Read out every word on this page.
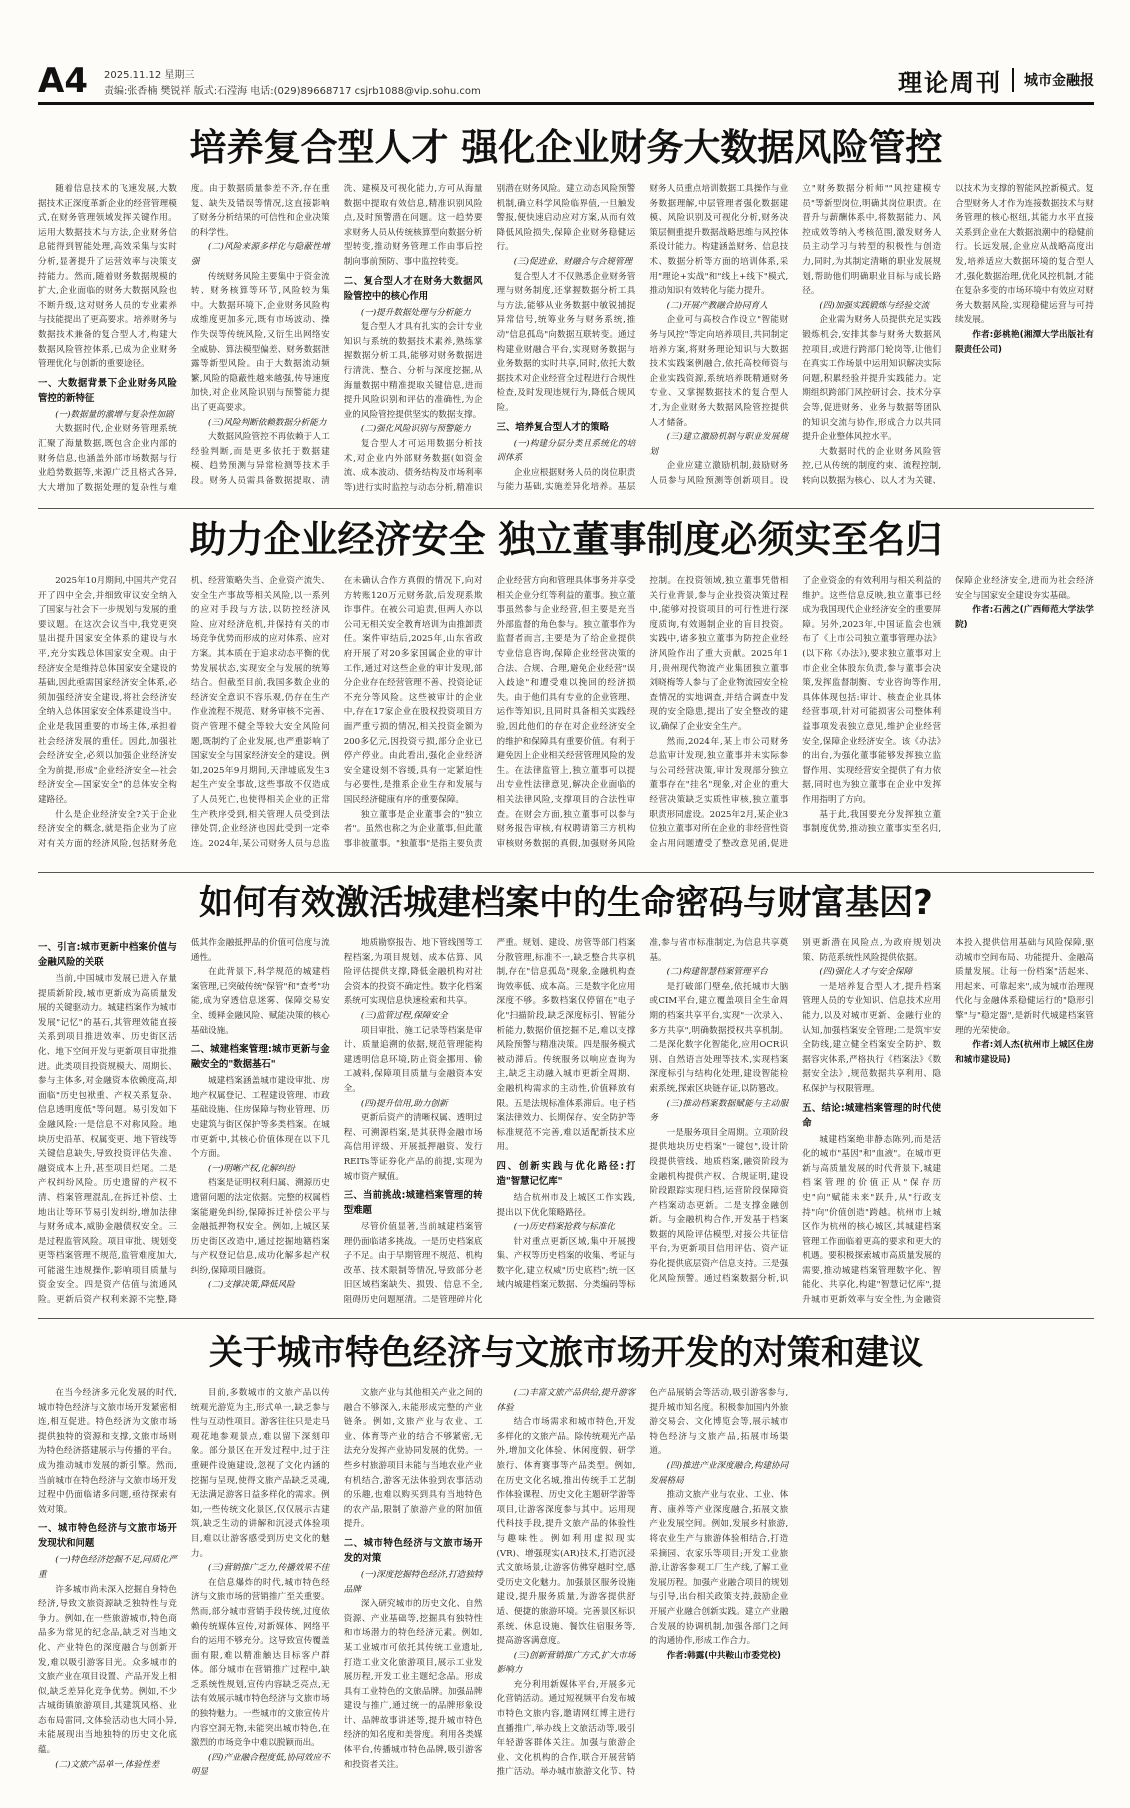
A4 2025.11.12 星期三
责编:张香楠 樊锐祥 版式:石滢海 电话:(029)89668717 csjrb1088@vip.sohu.com	理论周刊 城市金融报
培养复合型人才 强化企业财务大数据风险管控

随着信息技术的飞速发展,大数据技术正深度革新企业的经营管理模式,在财务管理领域发挥关键作用。运用大数据技术与方法,企业财务信息能得到智能处理,高效采集与实时分析,显著提升了运营效率与决策支持能力。然而,随着财务数据规模的扩大,企业面临的财务大数据风险也不断升级,这对财务人员的专业素养与技能提出了更高要求。培养财务与数据技术兼备的复合型人才,构建大数据风险管控体系,已成为企业财务管理优化与创新的重要途径。

一、大数据背景下企业财务风险管控的新特征
(一)数据量的激增与复杂性加剧

大数据时代,企业财务管理系统汇聚了海量数据,既包含企业内部的财务信息,也涵盖外部市场数据与行业趋势数据等,来源广泛且格式各异,大大增加了数据处理的复杂性与难度。由于数据质量参差不齐,存在重复、缺失及错误等情况,这直接影响了财务分析结果的可信性和企业决策的科学性。

(二)风险来源多样化与隐蔽性增强

传统财务风险主要集中于资金流转、财务核算等环节,风险较为集中。大数据环境下,企业财务风险构成维度更加多元,既有市场波动、操作失误等传统风险,又衍生出网络安全威胁、算法模型偏差、财务数据泄露等新型风险。由于大数据流动频繁,风险的隐蔽性越来越强,传导速度加快,对企业风险识别与预警能力提出了更高要求。

(三)风险判断依赖数据分析能力

大数据风险管控不再依赖于人工经验判断,而是更多依托于数据建模、趋势预测与异常检测等技术手段。财务人员需具备数据提取、清洗、建模及可视化能力,方可从海量数据中提取有效信息,精准识别风险点,及时预警潜在问题。这一趋势要求财务人员从传统核算型向数据分析型转变,推动财务管理工作由事后控制向事前预防、事中监控转变。

二、复合型人才在财务大数据风险管控中的核心作用
(一)提升数据处理与分析能力

复合型人才具有扎实的会计专业知识与系统的数据技术素养,熟练掌握数据分析工具,能够对财务数据进行清洗、整合、分析与深度挖掘,从海量数据中精准提取关键信息,进而提升风险识别和评估的准确性,为企业的风险管控提供坚实的数据支撑。

(二)强化风险识别与预警能力

复合型人才可运用数据分析技术,对企业内外部财务数据(如资金流、成本波动、债务结构及市场利率等)进行实时监控与动态分析,精准识别潜在财务风险。建立动态风险预警机制,确立科学风险临界值,一旦触发警报,便快速启动应对方案,从而有效降低风险损失,保障企业财务稳健运行。

(三)促进业、财融合与合规管理

复合型人才不仅熟悉企业财务管理与财务制度,还掌握数据分析工具与方法,能够从业务数据中敏锐捕捉异常信号,统筹业务与财务系统,推动"信息孤岛"向数据互联转变。通过构建业财融合平台,实现财务数据与业务数据的实时共享,同时,依托大数据技术对企业经营全过程进行合规性检查,及时发现违规行为,降低合规风险。

三、培养复合型人才的策略
(一)构建分层分类且系统化的培训体系

企业应根据财务人员的岗位职责与能力基础,实施差异化培养。基层财务人员重点培训数据工具操作与业务数据理解,中层管理者强化数据建模、风险识别及可视化分析,财务决策层侧重提升数据战略思维与风控体系设计能力。构建涵盖财务、信息技术、数据分析等方面的培训体系,采用"理论+实战"和"线上+线下"模式,推动知识有效转化与能力提升。

(二)开展产教融合协同育人

企业可与高校合作设立"智能财务与风控"等定向培养项目,共同制定培养方案,将财务理论知识与大数据技术实践案例融合,依托高校师资与企业实践资源,系统培养既精通财务专业、又掌握数据技术的复合型人才,为企业财务大数据风险管控提供人才储备。

(三)建立激励机制与职业发展规划

企业应建立激励机制,鼓励财务人员参与风险预测等创新项目。设立"财务数据分析师""风控建模专员"等新型岗位,明确其岗位职责。在晋升与薪酬体系中,将数据能力、风控成效等纳入考核范围,激发财务人员主动学习与转型的积极性与创造力,同时,为其制定清晰的职业发展规划,帮助他们明确职业目标与成长路径。

(四)加强实践锻炼与经验交流

企业需为财务人员提供充足实践锻炼机会,安排其参与财务大数据风控项目,或进行跨部门轮岗等,让他们在真实工作场景中运用知识解决实际问题,积累经验并提升实践能力。定期组织跨部门风控研讨会、技术分享会等,促进财务、业务与数据等团队的知识交流与协作,形成合力以共同提升企业整体风控水平。

大数据时代的企业财务风险管控,已从传统的制度约束、流程控制,转向以数据为核心、以人才为关键、以技术为支撑的智能风控新模式。复合型财务人才作为连接数据技术与财务管理的核心枢纽,其能力水平直接关系到企业在大数据浪潮中的稳健前行。长远发展,企业应从战略高度出发,培养适应大数据环境的复合型人才,强化数据治理,优化风控机制,才能在复杂多变的市场环境中有效应对财务大数据风险,实现稳健运营与可持续发展。

作者:彭桃艳(湘潭大学出版社有限责任公司)

助力企业经济安全 独立董事制度必须实至名归

2025年10月期间,中国共产党召开了四中全会,并细致审议安全纳入了国家与社会下一步规划与发展的重要议题。在这次会议当中,我党更突显出提升国家安全体系的建设与水平,充分实践总体国家安全观。由于经济安全是维持总体国家安全建设的基础,因此亟需国家经济安全体系,必须加强经济安全建设,将社会经济安全纳入总体国家安全体系建设当中。企业是我国重要的市场主体,承担着社会经济发展的重任。因此,加强社会经济安全,必须以加强企业经济安全为前提,形成"企业经济安全—社会经济安全—国家安全"的总体安全构建路径。

什么是企业经济安全?关于企业经济安全的概念,就是指企业为了应对有关方面的经济风险,包括财务危机、经营策略失当、企业资产流失、安全生产事故等相关风险,以一系列的应对手段与方法,以防控经济风险、应对经济危机,并保持有关的市场竞争优势而形成的应对体系、应对方案。其本质在于追求动态平衡的优势发展状态,实现安全与发展的统筹结合。但截至目前,我国多数企业的经济安全意识不容乐观,仍存在生产作业流程不规范、财务审核不完善、资产管理不健全等较大安全风险问题,既制约了企业发展,也严重影响了国家安全与国家经济安全的建设。例如,2025年9月期间,天津墟底发生3起生产安全事故,这些事故不仅造成了人员死亡,也使得相关企业的正常生产秩序受到,相关管理人员受到法律处罚,企业经济也因此受到一定牵连。2024年,某公司财务人员与总监在未确认合作方真假的情况下,向对方转账120万元财务款,后发现系欺诈事件。在被公司追责,但两人亦以公司无相关安全教育培训为由推卸责任。案件审结后,2025年,山东省政府开展了对20多家国属企业的审计工作,通过对这些企业的审计发现,部分企业存在经营管理不善、投资论证不充分等风险。这些被审计的企业中,存在17家企业在股权投资项目方面严重亏损的情况,相关投资金额为200多亿元,因投资亏损,部分企业已停产停业。由此看出,强化企业经济安全建设刻不容缓,具有一定紧迫性与必要性,是推系企业生存和发展与国民经济健康有序的重要保障。

独立董事是企业董事会的"独立者"。虽然也称之为企业董事,但此董事非彼董事。"独董事"是指主要负责企业经营方向和管理具体事务并享受相关企业分红等利益的董事。独立董事虽然参与企业经营,但主要是充当外部监督的角色参与。独立董事作为监督者而言,主要是为了给企业提供专业信息咨询,保障企业经营决策的合法、合规、合理,避免企业经营"误入歧途"和遭受难以挽回的经济损失。由于他们具有专业的企业管理、运作等知识,且同时具备相关实践经验,因此他们的存在对企业经济安全的维护和保障具有重要价值。有利于避免因上企业相关经营管理风险的发生。在法律监管上,独立董事可以提出专业性法律意见,解决企业面临的相关法律风险,支撑项目的合法性审查。在财会方面,独立董事可以参与财务报告审核,有权聘请第三方机构审核财务数据的真假,加强财务风险控制。在投资领域,独立董事凭借相关行业背景,参与企业投资决策过程中,能够对投资项目的可行性进行深度质询,有效遏制企业的盲目投资。实践中,诸多独立董事为防控企业经济风险作出了重大贡献。2025年1月,贵州现代物流产业集团独立董事刘晓梅等人参与了企业物流园安全检查情况的实地调查,并结合调查中发现的安全隐患,提出了安全整改的建议,确保了企业安全生产。

然而,2024年,某上市公司财务总监审计发现,独立董事并未实际参与公司经营决策,审计发现部分独立董事存在"挂名"现象,对企业的重大经营决策缺乏实质性审核,独立董事职责形同虚设。2025年2月,某企业3位独立董事对所在企业的非经营性资金占用问题遭受了整改意见函,促进了企业资金的有效利用与相关利益的维护。这些信息反映,独立董事已经成为我国现代企业经济安全的重要屏障。另外,2023年,中国证监会也颁布了《上市公司独立董事管理办法》(以下称《办法》),要求独立董事对上市企业全体股东负责,参与董事会决策,发挥监督制衡、专业咨询等作用,具体体现包括:审计、核查企业具体经营事项,针对可能损害公司整体利益事项发表独立意见,维护企业经营安全,保障企业经济安全。该《办法》的出台,为强化董事能够发挥独立监督作用、实现经营安全提供了有力依据,同时也为独立董事在企业中发挥作用指明了方向。

基于此,我国要充分发挥独立董事制度优势,推动独立董事实至名归,保障企业经济安全,进而为社会经济安全与国家安全建设夯实基础。

作者:石茜之(广西师范大学法学院)

如何有效激活城建档案中的生命密码与财富基因?
一、引言:城市更新中档案价值与金融风险的关联

当前,中国城市发展已进入存量提质新阶段,城市更新成为高质量发展的关键驱动力。城建档案作为城市发展"记忆"的基石,其管理效能直接关系到项目推进效率、历史街区活化、地下空间开发与更新项目审批推进。此类项目投资规模大、周期长、参与主体多,对金融资本依赖度高,却面临"历史包袱重、产权关系复杂、信息透明度低"等问题。易引发如下金融风险:一是信息不对称风险。地块历史沿革、权属变更、地下管线等关键信息缺失,导致投资评估失准、融资成本上升,甚至项目烂尾。二是产权纠纷风险。历史遗留的产权不清、档案管理混乱,在拆迁补偿、土地出让等环节易引发纠纷,增加法律与财务成本,威胁金融债权安全。三是过程监管风险。项目审批、规划变更等档案管理不规范,监管难度加大,可能滋生违规操作,影响项目质量与资金安全。四是资产估值与流通风险。更新后资产权利来源不完整,降低其作金融抵押品的价值可信度与流通性。

在此背景下,科学规范的城建档案管理,已突破传统"保管"和"查考"功能,成为穿透信息迷雾、保障交易安全、缓释金融风险、赋能决策的核心基础设施。

二、城建档案管理:城市更新与金融安全的"数据基石"

城建档案涵盖城市建设审批、房地产权属登记、工程建设管理、市政基础设施、住房保障与物业管理、历史建筑与街区保护等多类档案。在城市更新中,其核心价值体现在以下几个方面。

(一)明晰产权,化解纠纷

档案是证明权利归属、溯源历史遗留问题的法定依据。完整的权属档案能避免纠纷,保障拆迁补偿公平与金融抵押物权安全。例如,上城区某历史街区改造中,通过挖掘地籍档案与产权登记信息,成功化解多起产权纠纷,保障项目融资。

(二)支撑决策,降低风险

地质勘察报告、地下管线图等工程档案,为项目规划、成本估算、风险评估提供支撑,降低金融机构对社会资本的投资不确定性。数字化档案系统可实现信息快速检索和共享。

(三)监管过程,保障安全

项目审批、施工记录等档案是审计、质量追溯的依据,规范管理能构建透明信息环境,防止资金挪用、偷工减料,保障项目质量与金融资本安全。

(四)提升信用,助力创新

更新后资产的清晰权属、透明过程、可溯源档案,是其获得金融市场高信用评级、开展抵押融资、发行REITs等证券化产品的前提,实现为城市资产赋值。

三、当前挑战:城建档案管理的转型难题

尽管价值显著,当前城建档案管理仍面临诸多挑战。一是历史档案底子不足。由于早期管理不规范、机构改革、技术限制等情况,导致部分老旧区域档案缺失、损毁、信息不全,阻碍历史问题厘清。二是管理碎片化严重。规划、建设、房管等部门档案分散管理,标准不一,缺乏整合共享机制,存在"信息孤岛"现象,金融机构查询效率低、成本高。三是数字化应用深度不够。多数档案仅停留在"电子化"扫描阶段,缺乏深度标引、智能分析能力,数据价值挖掘不足,难以支撑风险预警与精准决策。四是服务模式被动滞后。传统服务以响应查询为主,缺乏主动融入城市更新全周期、金融机构需求的主动性,价值释放有限。五是法规标准体系滞后。电子档案法律效力、长期保存、安全防护等标准规范不完善,难以适配新技术应用。

四、创新实践与优化路径:打造"智慧记忆库"

结合杭州市及上城区工作实践,提出以下优化策略路径。

(一)历史档案抢救与标准化

针对重点更新区域,集中开展搜集、产权等历史档案的收集、考证与数字化,建立权威"历史底档";统一区域内城建档案元数据、分类编码等标准,参与省市标准制定,为信息共享奠基。

(二)构建智慧档案管理平台

是打破部门壁垒,依托城市大脑或CIM平台,建立覆盖项目全生命周期的档案共享平台,实现"一次录入、多方共享",明确数据授权共享机制。二是深化数字化智能化,应用OCR识别、自然语言处理等技术,实现档案深度标引与结构化处理,建设智能检索系统,探索区块链存证,以防篡改。

(三)推动档案数据赋能与主动服务

一是服务项目全周期。立项阶段提供地块历史档案"一键包",设计阶段提供管线、地质档案,融资阶段为金融机构提供产权、合规证明,建设阶段跟踪实现归档,运营阶段保障资产档案动态更新。二是支撑金融创新。与金融机构合作,开发基于档案数据的风险评估模型,对接公共征信平台,为更新项目信用评估、资产证券化提供底层资产信息支持。三是强化风险预警。通过档案数据分析,识别更新潜在风险点,为政府规划决策、防范系统性风险提供依据。

(四)强化人才与安全保障

一是培养复合型人才,提升档案管理人员的专业知识、信息技术应用能力,以及对城市更新、金融行业的认知,加强档案安全管理;二是筑牢安全防线,建立健全档案安全防护、数据容灾体系,严格执行《档案法》《数据安全法》,规范数据共享利用、隐私保护与权限管理。

五、结论:城建档案管理的时代使命

城建档案绝非静态陈列,而是活化的城市"基因"和"血液"。在城市更新与高质量发展的时代背景下,城建档案管理的价值正从"保存历史"向"赋能未来"跃升,从"行政支持"向"价值创造"跨越。杭州市上城区作为杭州的核心城区,其城建档案管理工作面临着更高的要求和更大的机遇。要积极探索城市高质量发展的需要,推动城建档案管理数字化、智能化、共享化,构建"智慧记忆库",提升城市更新效率与安全性,为金融资本投入提供信用基础与风险保障,驱动城市空间布局、功能提升、金融高质量发展。让每一份档案"活起来、用起来、可靠起来",成为城市治理现代化与金融体系稳健运行的"隐形引擎"与"稳定器",是新时代城建档案管理的光荣使命。

作者:刘人杰(杭州市上城区住房和城市建设局)

关于城市特色经济与文旅市场开发的对策和建议

在当今经济多元化发展的时代,城市特色经济与文旅市场开发紧密相连,相互促进。特色经济为文旅市场提供独特的资源和支撑,文旅市场则为特色经济搭建展示与传播的平台。成为推动城市发展的新引擎。然而,当前城市在特色经济与文旅市场开发过程中仍面临诸多问题,亟待探索有效对策。

一、城市特色经济与文旅市场开发现状和问题
(一)特色经济挖掘不足,同质化严重

许多城市尚未深入挖掘自身特色经济,导致文旅资源缺乏独特性与竞争力。例如,在一些旅游城市,特色商品多为常见的纪念品,缺乏对当地文化、产业特色的深度融合与创新开发,难以吸引游客目光。众多城市的文旅产业在项目设置、产品开发上相似,缺乏差异化竞争优势。例如,不少古城街镇旅游项目,其建筑风格、业态布局雷同,文体验活动也大同小异,未能展现出当地独特的历史文化底蕴。

(二)文旅产品单一,体验性差

目前,多数城市的文旅产品以传统观光游览为主,形式单一,缺乏参与性与互动性项目。游客往往只是走马观花地参观景点,难以留下深刻印象。部分景区在开发过程中,过于注重硬件设施建设,忽视了文化内涵的挖掘与呈现,使得文旅产品缺乏灵魂,无法满足游客日益多样化的需求。例如,一些传统文化景区,仅仅展示古建筑,缺乏生动的讲解和沉浸式体验项目,难以让游客感受到历史文化的魅力。

(三)营销推广乏力,传播效果不佳

在信息爆炸的时代,城市特色经济与文旅市场的营销推广至关重要。然而,部分城市营销手段传统,过度依赖传统媒体宣传,对新媒体、网络平台的运用不够充分。这导致宣传覆盖面有限,难以精准触达目标客户群体。部分城市在营销推广过程中,缺乏系统性规划,宣传内容缺乏亮点,无法有效展示城市特色经济与文旅市场的独特魅力。一些城市的文旅宣传片内容空洞无物,未能突出城市特色,在激烈的市场竞争中难以脱颖而出。

(四)产业融合程度低,协同效应不明显

文旅产业与其他相关产业之间的融合不够深入,未能形成完整的产业链条。例如,文旅产业与农业、工业、体育等产业的结合不够紧密,无法充分发挥产业协同发展的优势。一些乡村旅游项目未能与当地农业产业有机结合,游客无法体验到农事活动的乐趣,也难以购买到具有当地特色的农产品,限制了旅游产业的附加值提升。

二、城市特色经济与文旅市场开发的对策
(一)深度挖掘特色经济,打造独特品牌

深入研究城市的历史文化、自然资源、产业基础等,挖掘具有独特性和市场潜力的特色经济元素。例如,某工业城市可依托其传统工业遗址,打造工业文化旅游项目,展示工业发展历程,开发工业主题纪念品。形成具有工业特色的文旅品牌。加强品牌建设与推广,通过统一的品牌形象设计、品牌故事讲述等,提升城市特色经济的知名度和美誉度。利用各类媒体平台,传播城市特色品牌,吸引游客和投资者关注。

(二)丰富文旅产品供给,提升游客体验

结合市场需求和城市特色,开发多样化的文旅产品。除传统观光产品外,增加文化体验、休闲度假、研学旅行、体育赛事等产品类型。例如,在历史文化名城,推出传统手工艺制作体验课程、历史文化主题研学游等项目,让游客深度参与其中。运用现代科技手段,提升文旅产品的体验性与趣味性。例如利用虚拟现实(VR)、增强现实(AR)技术,打造沉浸式文旅场景,让游客仿佛穿越时空,感受历史文化魅力。加强景区服务设施建设,提升服务质量,为游客提供舒适、便捷的旅游环境。完善景区标识系统、休息设施、餐饮住宿服务等,提高游客满意度。

(三)创新营销推广方式,扩大市场影响力

充分利用新媒体平台,开展多元化营销活动。通过短视频平台发布城市特色文旅内容,邀请网红博主进行直播推广,举办线上文旅活动等,吸引年轻游客群体关注。加强与旅游企业、文化机构的合作,联合开展营销推广活动。举办城市旅游文化节、特色产品展销会等活动,吸引游客参与,提升城市知名度。积极参加国内外旅游交易会、文化博览会等,展示城市特色经济与文旅产品,拓展市场渠道。

(四)推进产业深度融合,构建协同发展格局

推动文旅产业与农业、工业、体育、康养等产业深度融合,拓展文旅产业发展空间。例如,发展乡村旅游,将农业生产与旅游体验相结合,打造采摘园、农家乐等项目;开发工业旅游,让游客参观工厂生产线,了解工业发展历程。加强产业融合项目的规划与引导,出台相关政策支持,鼓励企业开展产业融合创新实践。建立产业融合发展的协调机制,加强各部门之间的沟通协作,形成工作合力。

作者:韩露(中共鞍山市委党校)
